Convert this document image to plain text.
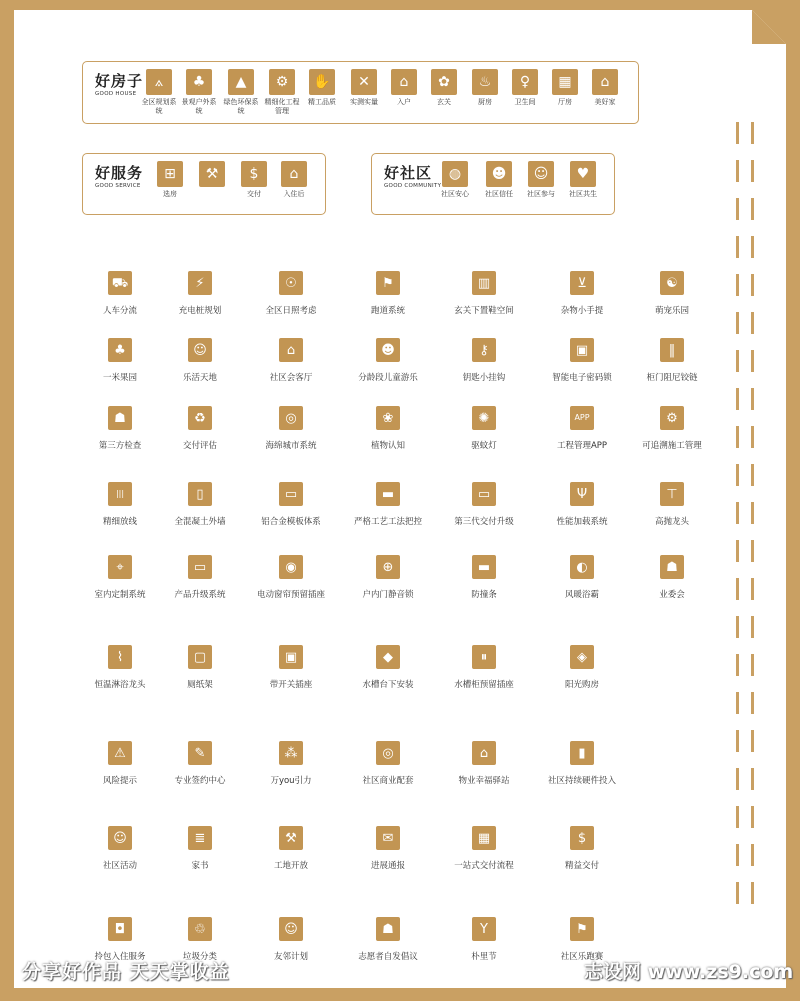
好房子
GOOD HOUSE
⟑
全区规划系统
♣
景观户外系统
▲
绿色环保系统
⚙
精细化工程管理
✋
精工品质
✕
实测实量
⌂
入户
✿
玄关
♨
厨房
♀
卫生间
▦
厅房
⌂
美好家
好服务
GOOD SERVICE
⊞
选房
⚒	$
交付
⌂
入住后
好社区
GOOD COMMUNITY
◍
社区安心
☻
社区信任
☺
社区参与
♥
社区共生
⛟
人车分流
⚡
充电桩规划
☉
全区日照考虑
⚑
跑道系统
▥
玄关下置鞋空间
⊻
杂物小手提
☯
萌宠乐园
♣
一米果园
☺
乐活天地
⌂
社区会客厅
☻
分龄段儿童游乐
⚷
钥匙小挂钩
▣
智能电子密码锁
‖
柜门阻尼铰链
☗
第三方检查
♻
交付评估
◎
海绵城市系统
❀
植物认知
✺
驱蚊灯
APP
工程管理APP
⚙
可追溯施工管理
|||
精细放线
▯
全混凝土外墙
▭
铝合金模板体系
▬
严格工艺工法把控
▭
第三代交付升级
Ψ
性能加载系统
⊤
高抛龙头
⌖
室内定制系统
▭
产品升级系统
◉
电动窗帘预留插座
⊕
户内门静音锁
▬
防撞条
◐
风暖浴霸
☗
业委会
⌇
恒温淋浴龙头
▢
厕纸架
▣
带开关插座
◆
水槽台下安装
⏸
水槽柜预留插座
◈
阳光购房
⚠
风险提示
✎
专业签约中心
⁂
万you引力
◎
社区商业配套
⌂
物业幸福驿站
▮
社区持续硬件投入
☺
社区活动
≣
家书
⚒
工地开放
✉
进展通报
▦
一站式交付流程
$
精益交付
◘
拎包入住服务
♲
垃圾分类
☺
友邻计划
☗
志愿者自发倡议
Y
朴里节
⚑
社区乐跑赛
分享好作品 天天掌收益	志设网 www.zs9.com
